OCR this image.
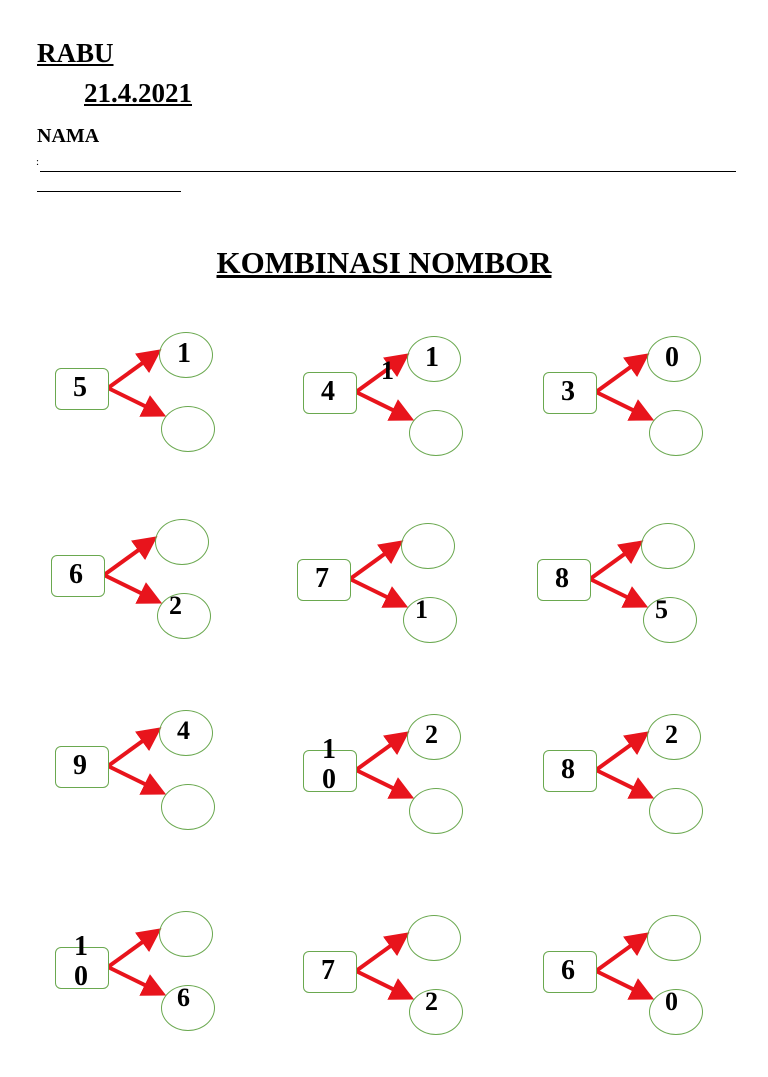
RABU
21.4.2021
NAMA
:
KOMBINASI NOMBOR
5
1
4
1
1
3
0
6
2
7
1
8
5
9
4
1
0
2
8
2
1
0
6
7
2
6
0
